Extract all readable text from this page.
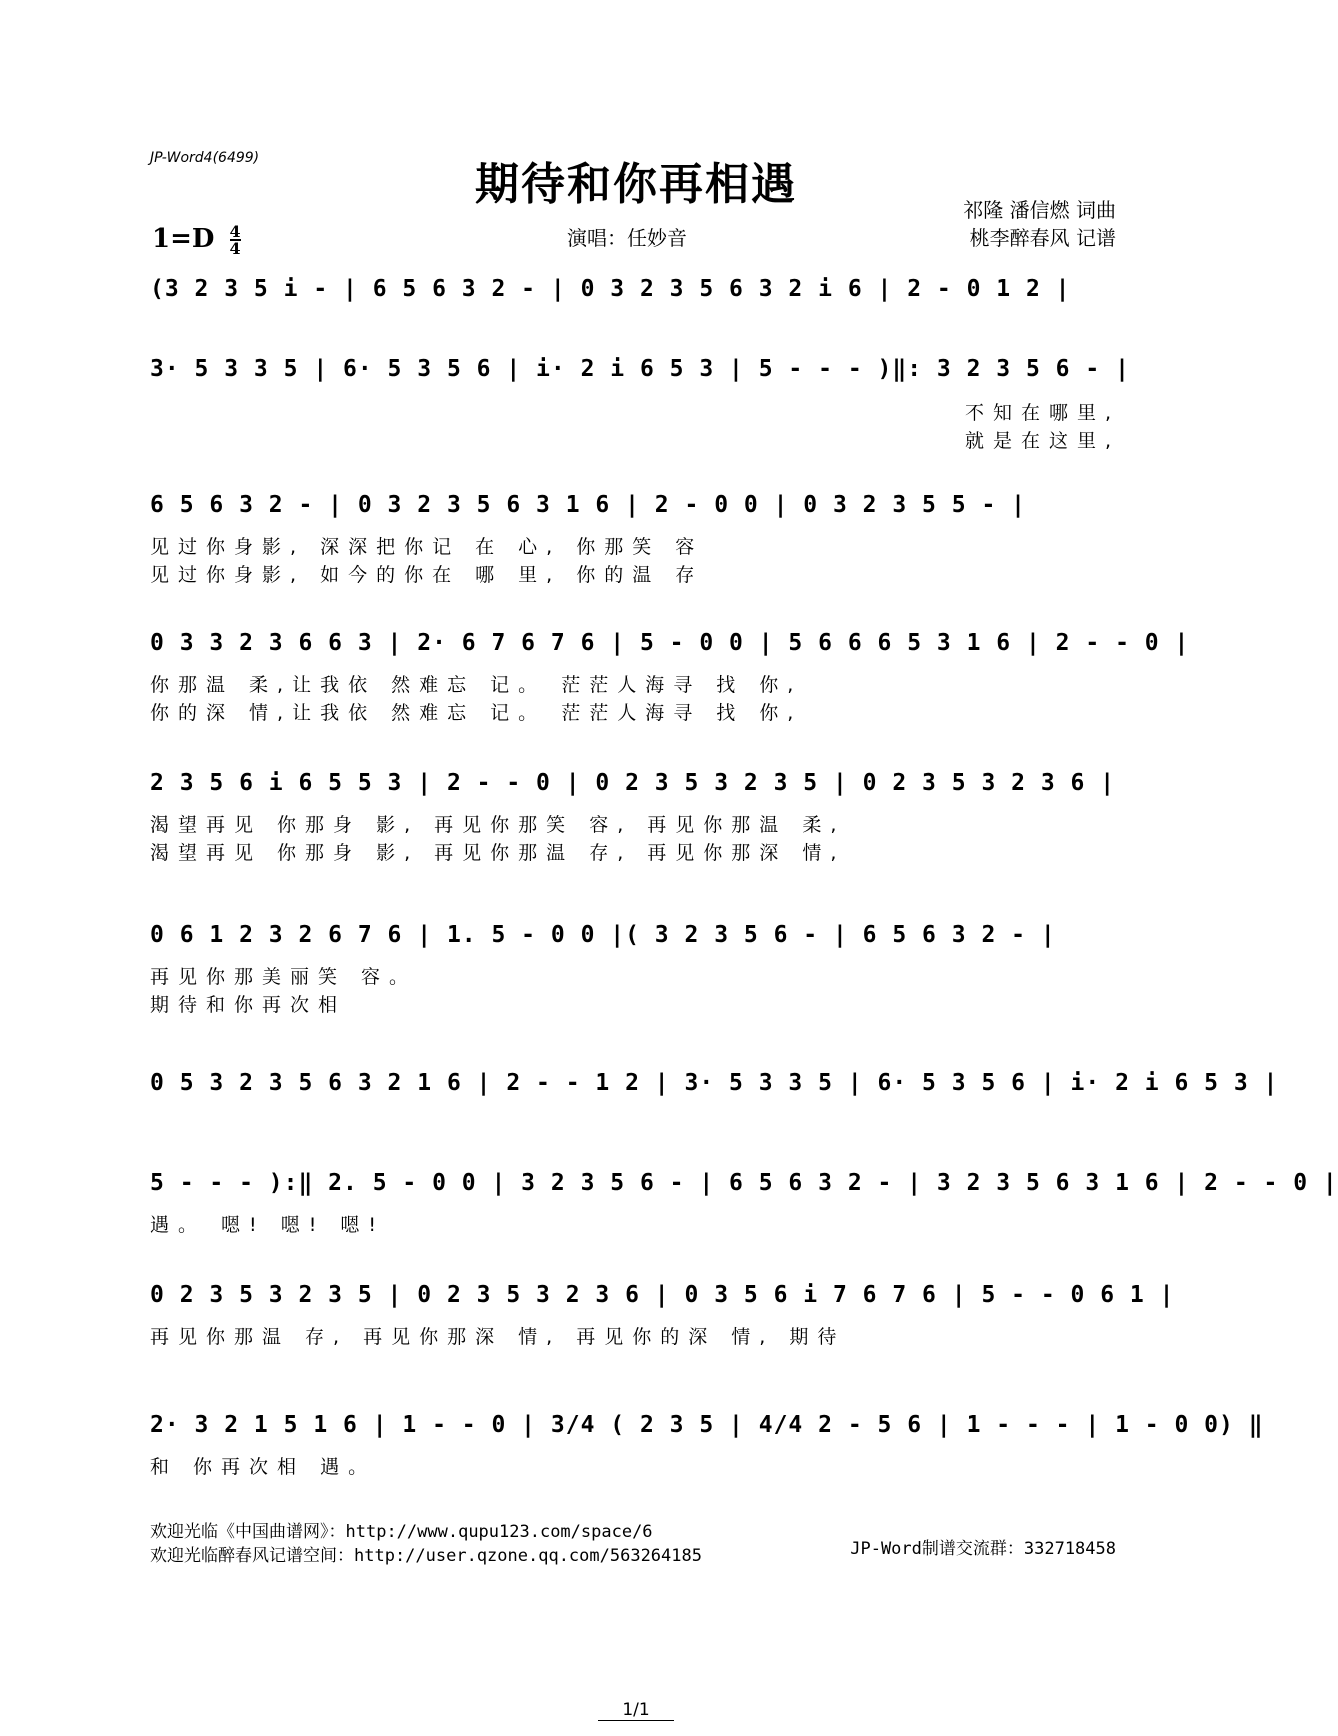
JP-Word4(6499)
期待和你再相遇	祁隆 潘信燃 词曲
桃李醉春风 记谱
$1=D \frac{4}{4}$	演唱：任妙音
(3 2 3 5 i - | 6 5 6 3 2 - | 0 3 2 3 5 6 3 2 i 6 | 2 - 0 1 2 |
3· 5 3 3 5 | 6· 5 3 5 6 | i· 2 i 6 5 3 | 5 - - - )‖: 3 2 3 5 6 - |
不知在哪里,
就是在这里,
6 5 6 3 2 - | 0 3 2 3 5 6 3 1 6 | 2 - 0 0 | 0 3 2 3 5 5 - |
见过你身影, 深深把你记 在 心, 你那笑 容
见过你身影, 如今的你在 哪 里, 你的温 存
0 3 3 2 3 6 6 3 | 2· 6 7 6 7 6 | 5 - 0 0 | 5 6 6 6 5 3 1 6 | 2 - - 0 |
你那温 柔,让我依 然难忘 记。 茫茫人海寻 找 你,
你的深 情,让我依 然难忘 记。 茫茫人海寻 找 你,
2 3 5 6 i 6 5 5 3 | 2 - - 0 | 0 2 3 5 3 2 3 5 | 0 2 3 5 3 2 3 6 |
渴望再见 你那身 影, 再见你那笑 容, 再见你那温 柔,
渴望再见 你那身 影, 再见你那温 存, 再见你那深 情,
0 6 1 2 3 2 6 7 6 | 1. 5 - 0 0 |( 3 2 3 5 6 - | 6 5 6 3 2 - |
再见你那美丽笑 容。
期待和你再次相
0 5 3 2 3 5 6 3 2 1 6 | 2 - - 1 2 | 3· 5 3 3 5 | 6· 5 3 5 6 | i· 2 i 6 5 3 |
5 - - - ):‖ 2. 5 - 0 0 | 3 2 3 5 6 - | 6 5 6 3 2 - | 3 2 3 5 6 3 1 6 | 2 - - 0 |
遇。 嗯! 嗯! 嗯!
0 2 3 5 3 2 3 5 | 0 2 3 5 3 2 3 6 | 0 3 5 6 i 7 6 7 6 | 5 - - 0 6 1 |
再见你那温 存, 再见你那深 情, 再见你的深 情, 期待
2· 3 2 1 5 1 6 | 1 - - 0 | 3/4 ( 2 3 5 | 4/4 2 - 5 6 | 1 - - - | 1 - 0 0) ‖
和 你再次相 遇。
欢迎光临《中国曲谱网》：http://www.qupu123.com/space/6
欢迎光临醉春风记谱空间：http://user.qzone.qq.com/563264185	JP-Word制谱交流群：332718458
1/1
